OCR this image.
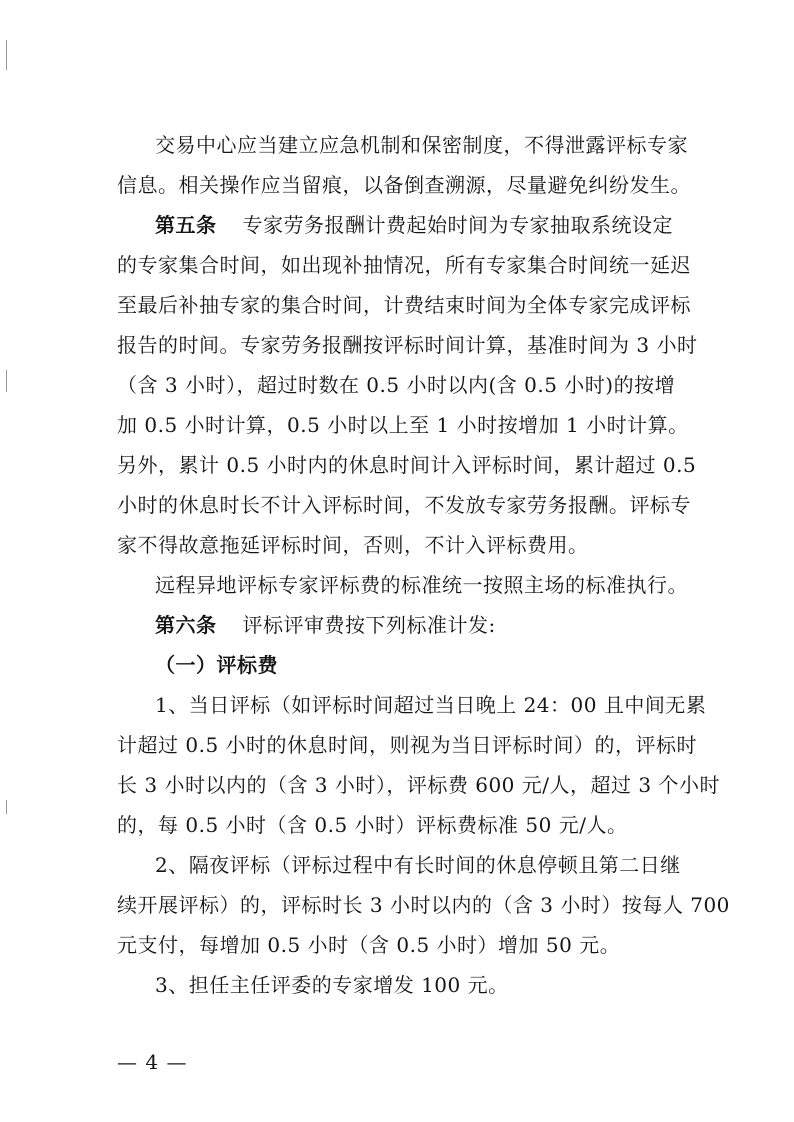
交易中心应当建立应急机制和保密制度，不得泄露评标专家
信息。相关操作应当留痕，以备倒查溯源，尽量避免纠纷发生。
第五条 专家劳务报酬计费起始时间为专家抽取系统设定
的专家集合时间，如出现补抽情况，所有专家集合时间统一延迟
至最后补抽专家的集合时间，计费结束时间为全体专家完成评标
报告的时间。专家劳务报酬按评标时间计算，基准时间为 3 小时
（含 3 小时），超过时数在 0.5 小时以内(含 0.5 小时)的按增
加 0.5 小时计算，0.5 小时以上至 1 小时按增加 1 小时计算。
另外，累计 0.5 小时内的休息时间计入评标时间，累计超过 0.5
小时的休息时长不计入评标时间，不发放专家劳务报酬。评标专
家不得故意拖延评标时间，否则，不计入评标费用。
远程异地评标专家评标费的标准统一按照主场的标准执行。
第六条 评标评审费按下列标准计发:
（一）评标费
1、当日评标（如评标时间超过当日晚上 24：00 且中间无累
计超过 0.5 小时的休息时间，则视为当日评标时间）的，评标时
长 3 小时以内的（含 3 小时），评标费 600 元/人，超过 3 个小时
的，每 0.5 小时（含 0.5 小时）评标费标准 50 元/人。
2、隔夜评标（评标过程中有长时间的休息停顿且第二日继
续开展评标）的，评标时长 3 小时以内的（含 3 小时）按每人 700
元支付，每增加 0.5 小时（含 0.5 小时）增加 50 元。
3、担任主任评委的专家增发 100 元。
— 4 —
